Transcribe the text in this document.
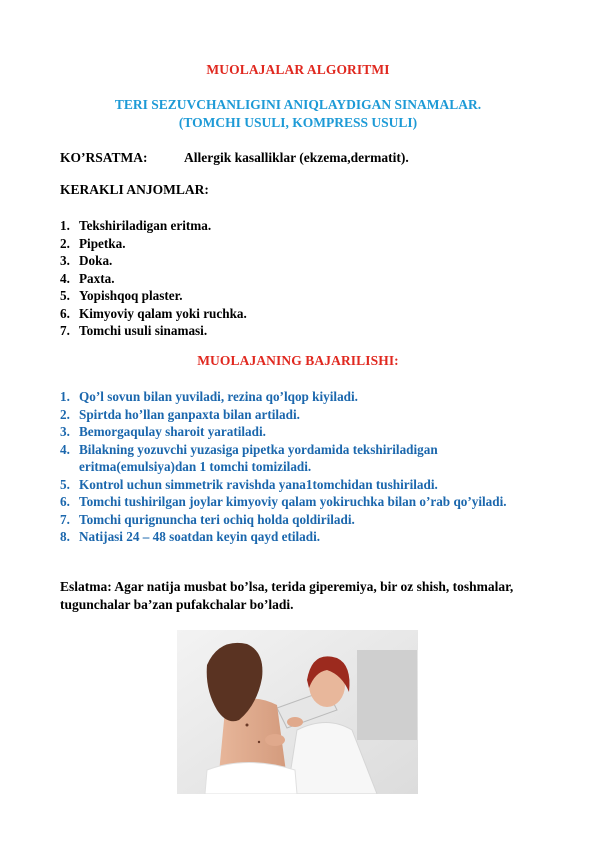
MUOLAJALAR ALGORITMI
TERI SEZUVCHANLIGINI ANIQLAYDIGAN SINAMALAR.
(TOMCHI USULI, KOMPRESS USULI)
KO’RSATMA:	Allergik kasalliklar (ekzema,dermatit).
KERAKLI ANJOMLAR:
1. Tekshiriladigan eritma.
2. Pipetka.
3. Doka.
4. Paxta.
5. Yopishqoq plaster.
6. Kimyoviy qalam yoki ruchka.
7. Tomchi usuli sinamasi.
MUOLAJANING BAJARILISHI:
1. Qo’l sovun bilan yuviladi, rezina qo’lqop kiyiladi.
2. Spirtda ho’llan ganpaxta bilan artiladi.
3. Bemorgaqulay sharoit yaratiladi.
4. Bilakning yozuvchi yuzasiga pipetka yordamida tekshiriladigan eritma(emulsiya)dan 1 tomchi tomiziladi.
5. Kontrol uchun simmetrik ravishda yana1tomchidan tushiriladi.
6. Tomchi tushirilgan joylar kimyoviy qalam yokiruchka bilan o’rab qo’yiladi.
7. Tomchi qurignuncha teri ochiq holda qoldiriladi.
8. Natijasi 24 – 48 soatdan keyin qayd etiladi.
Eslatma: Agar natija musbat bo’lsa, terida giperemiya, bir oz shish, toshmalar, tugunchalar ba’zan pufakchalar bo’ladi.
